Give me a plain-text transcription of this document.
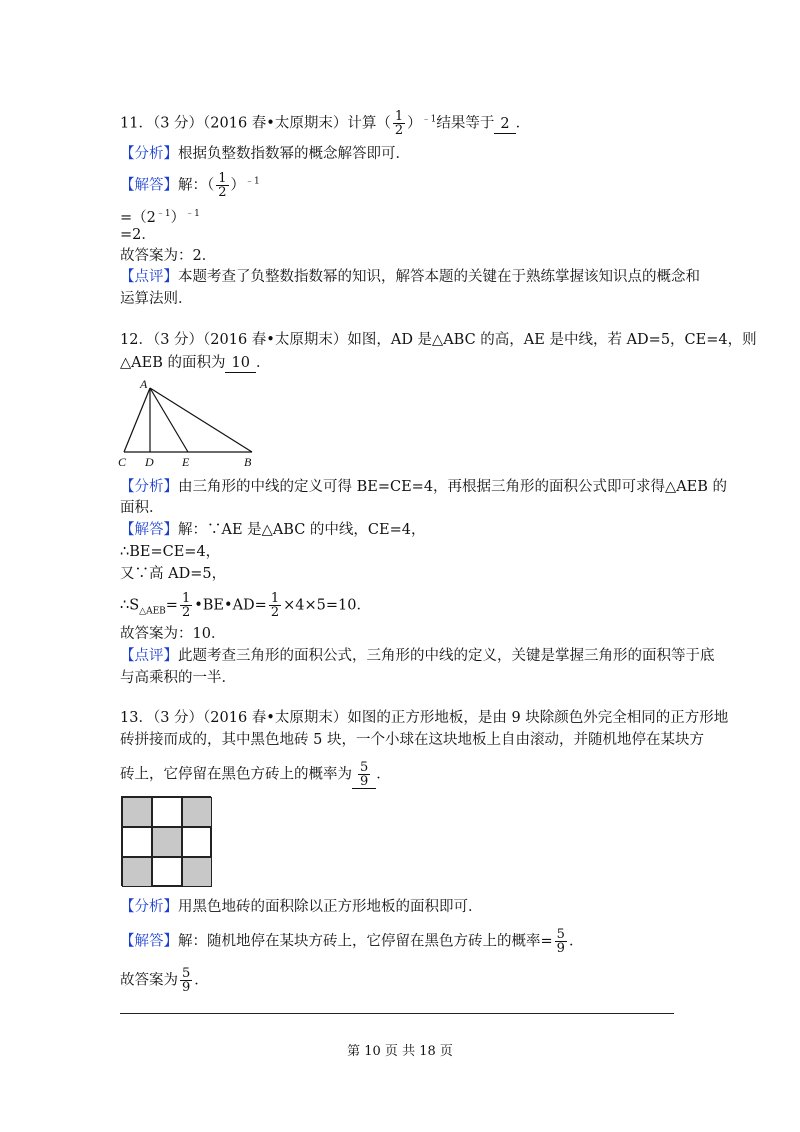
11．（3 分）（2016 春•太原期末）计算（ $\frac{1}{2} )^{﹣1}$结果等于 2 ．
【分析】根据负整数指数幂的概念解答即可．
【解答】解：（ $\frac{1}{2} )^{﹣1}$
$=(2^{﹣1})^{﹣1}$
=2．
故答案为：2．
【点评】本题考查了负整数指数幂的知识，解答本题的关键在于熟练掌握该知识点的概念和
运算法则．
12．（3 分）（2016 春•太原期末）如图，AD 是△ABC 的高，AE 是中线，若 AD=5，CE=4，则
△AEB 的面积为 10 ．
A
C D E	B
【分析】由三角形的中线的定义可得 BE=CE=4，再根据三角形的面积公式即可求得△AEB 的
面积．
【解答】解：∵AE 是△ABC 的中线，CE=4，
∴BE=CE=4，
又∵高 AD=5，
$\therefore S_{\triangle AEB}= \frac{1}{2}$ •BE•AD= $\frac{1}{2} \times 4\times 5=10$．
故答案为：10．
【点评】此题考查三角形的面积公式，三角形的中线的定义，关键是掌握三角形的面积等于底
与高乘积的一半．
13．（3 分）（2016 春•太原期末）如图的正方形地板，是由 9 块除颜色外完全相同的正方形地
砖拼接而成的，其中黑色地砖 5 块，一个小球在这块地板上自由滚动，并随机地停在某块方
砖上，它停留在黑色方砖上的概率为 $\frac{5}{9}$ ．
【分析】用黑色地砖的面积除以正方形地板的面积即可．
【解答】解：随机地停在某块方砖上，它停留在黑色方砖上的概率= $\frac{5}{9}$ ．
故答案为 $\frac{5}{9}$ ．
第 10 页 共 18 页
